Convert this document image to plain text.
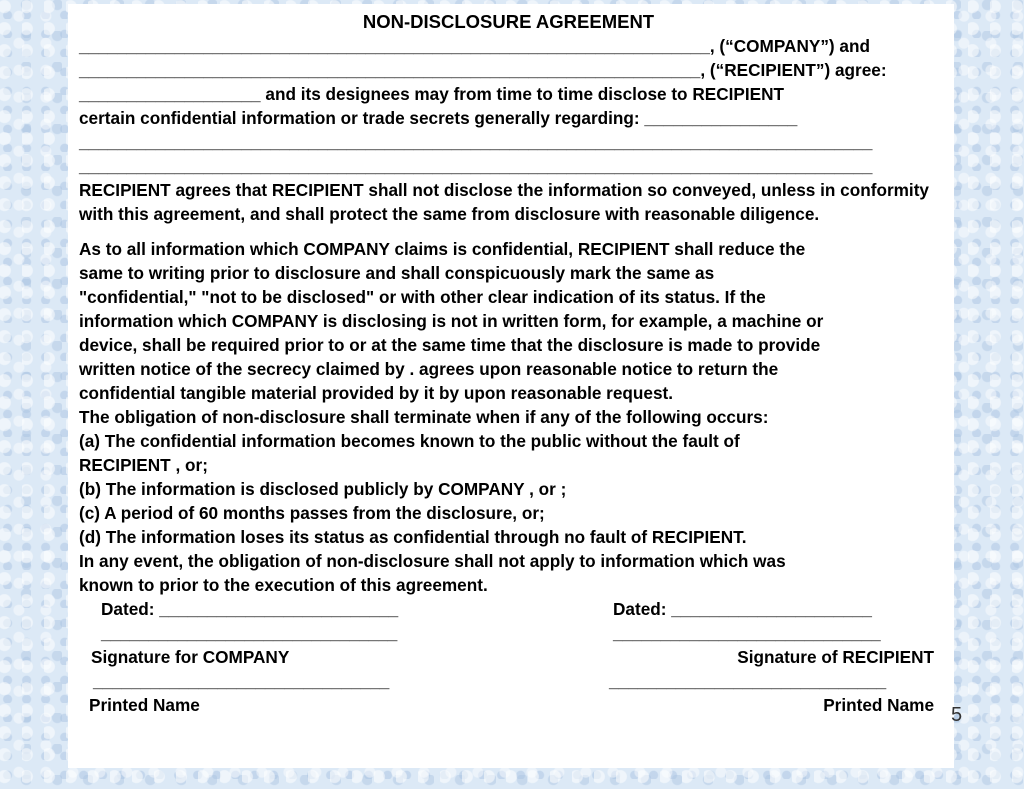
NON-DISCLOSURE AGREEMENT
__________________________________________________________________, (“COMPANY”) and
_________________________________________________________________, (“RECIPIENT”) agree:
___________________ and its designees may from time to time disclose to RECIPIENT
certain confidential information or trade secrets generally regarding: ________________
___________________________________________________________________________________
___________________________________________________________________________________

RECIPIENT agrees that RECIPIENT shall not disclose the information so conveyed, unless in conformity with this agreement, and shall protect the same from disclosure with reasonable diligence.

As to all information which COMPANY claims is confidential, RECIPIENT shall reduce the
same to writing prior to disclosure and shall conspicuously mark the same as
"confidential," "not to be disclosed" or with other clear indication of its status. If the
information which COMPANY is disclosing is not in written form, for example, a machine or
device, shall be required prior to or at the same time that the disclosure is made to provide
written notice of the secrecy claimed by . agrees upon reasonable notice to return the
confidential tangible material provided by it by upon reasonable request.
The obligation of non-disclosure shall terminate when if any of the following occurs:
(a) The confidential information becomes known to the public without the fault of
RECIPIENT , or;
(b) The information is disclosed publicly by COMPANY , or ;
(c) A period of 60 months passes from the disclosure, or;
(d) The information loses its status as confidential through no fault of RECIPIENT.
In any event, the obligation of non-disclosure shall not apply to information which was
known to prior to the execution of this agreement.

Dated: _________________________

	Dated: _____________________

_______________________________

	____________________________

Signature for COMPANY

	Signature of RECIPIENT

_______________________________

	_____________________________

Printed Name

	Printed Name

5
